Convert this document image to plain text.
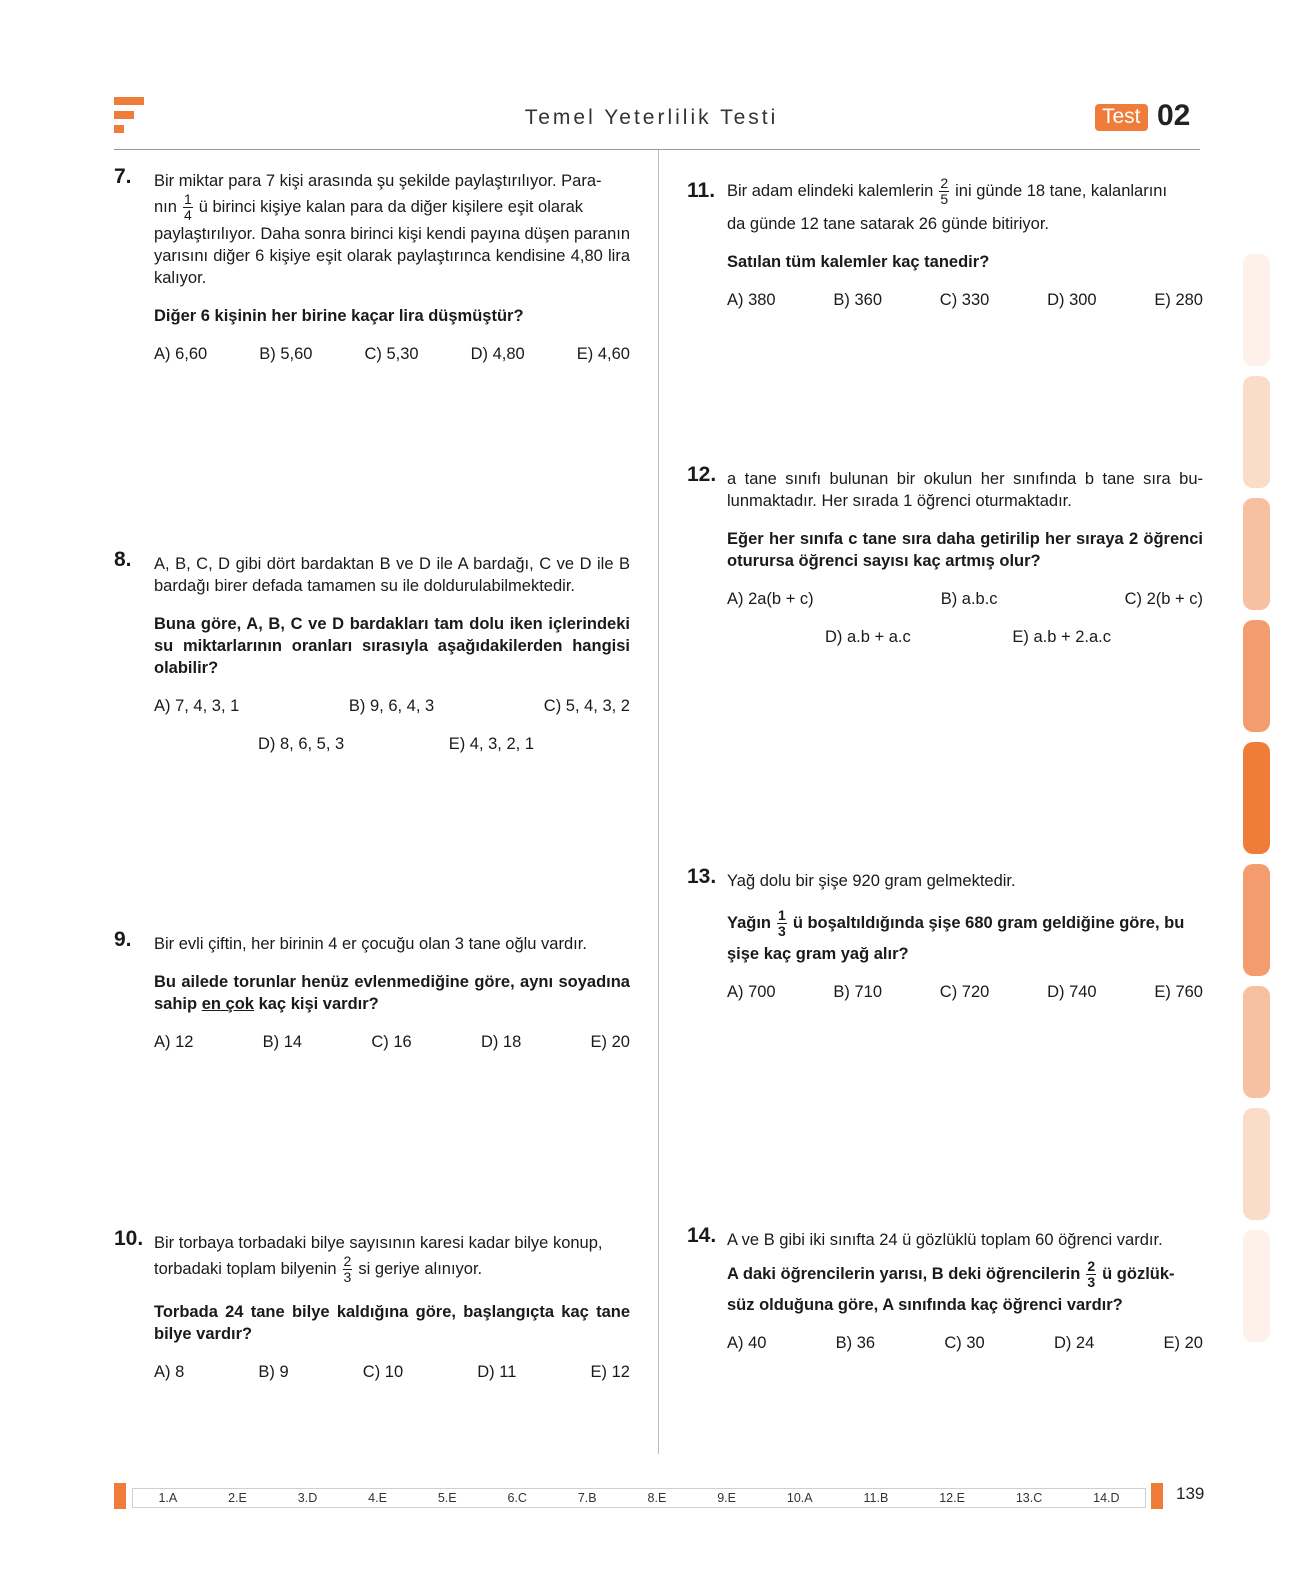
Temel Yeterlilik Testi	Test 02
7. Bir miktar para 7 kişi arasında şu şekilde paylaştırılıyor. Para-
nın $\frac{1}{4}$ ü birinci kişiye kalan para da diğer kişilere eşit olarak

paylaştırılıyor. Daha sonra birinci kişi kendi payına düşen paranın yarısını diğer 6 kişiye eşit olarak paylaştırınca kendisine 4,80 lira kalıyor.

Diğer 6 kişinin her birine kaçar lira düşmüştür?

A) 6,60	B) 5,60	C) 5,30	D) 4,80	E) 4,60
8. A, B, C, D gibi dört bardaktan B ve D ile A bardağı, C ve D ile B bardağı birer defada tamamen su ile doldurulabilmektedir.

Buna göre, A, B, C ve D bardakları tam dolu iken içlerindeki su miktarlarının oranları sırasıyla aşağıdakilerden hangisi olabilir?

A) 7, 4, 3, 1	B) 9, 6, 4, 3	C) 5, 4, 3, 2
D) 8, 6, 5, 3	E) 4, 3, 2, 1
9. Bir evli çiftin, her birinin 4 er çocuğu olan 3 tane oğlu vardır.

Bu ailede torunlar henüz evlenmediğine göre, aynı soyadına sahip en çok kaç kişi vardır?

A) 12	B) 14	C) 16	D) 18	E) 20
10. Bir torbaya torbadaki bilye sayısının karesi kadar bilye konup,

torbadaki toplam bilyenin $\frac{2}{3}$ si geriye alınıyor.

Torbada 24 tane bilye kaldığına göre, başlangıçta kaç tane bilye vardır?

A) 8	B) 9	C) 10	D) 11	E) 12
11. Bir adam elindeki kalemlerin $\frac{2}{5}$ ini günde 18 tane, kalanlarını

da günde 12 tane satarak 26 günde bitiriyor.

Satılan tüm kalemler kaç tanedir?

A) 380	B) 360	C) 330	D) 300	E) 280
12. a tane sınıfı bulunan bir okulun her sınıfında b tane sıra bulunmaktadır. Her sırada 1 öğrenci oturmaktadır.

Eğer her sınıfa c tane sıra daha getirilip her sıraya 2 öğrenci oturursa öğrenci sayısı kaç artmış olur?

A) 2a(b + c)	B) a.b.c	C) 2(b + c)
D) a.b + a.c	E) a.b + 2.a.c
13. Yağ dolu bir şişe 920 gram gelmektedir.

Yağın $\frac{1}{3}$ ü boşaltıldığında şişe 680 gram geldiğine göre, bu

şişe kaç gram yağ alır?

A) 700	B) 710	C) 720	D) 740	E) 760
14. A ve B gibi iki sınıfta 24 ü gözlüklü toplam 60 öğrenci vardır.

A daki öğrencilerin yarısı, B deki öğrencilerin $\frac{2}{3}$ ü gözlük-

süz olduğuna göre, A sınıfında kaç öğrenci vardır?

A) 40	B) 36	C) 30	D) 24	E) 20
1.A	2.E	3.D	4.E	5.E	6.C	7.B	8.E	9.E	10.A	11.B	12.E	13.C	14.D	139
